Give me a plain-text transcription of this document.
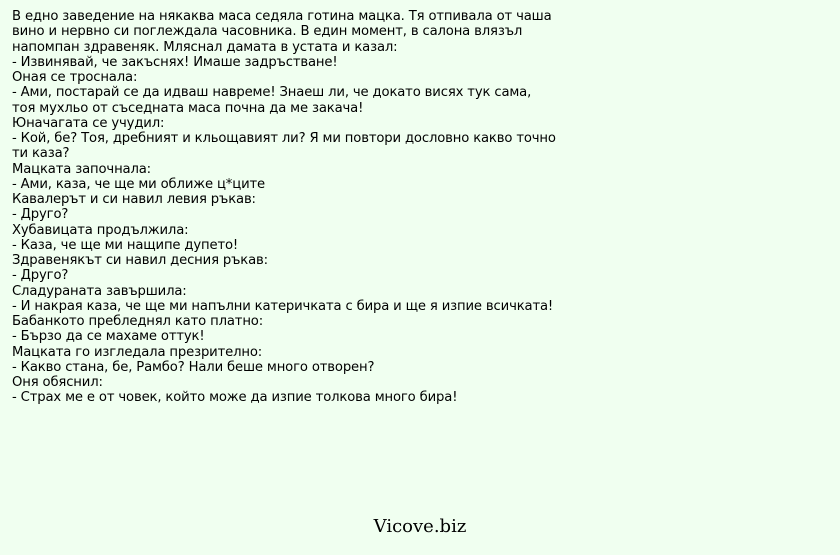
В едно заведение на някаква маса седяла готина мацка. Тя отпивала от чаша
вино и нервно си поглеждала часовника. В един момент, в салона влязъл
напомпан здравеняк. Мляснал дамата в устата и казал:
- Извинявай, че закъснях! Имаше задръстване!
Оная се троснала:
- Ами, постарай се да идваш навреме! Знаеш ли, че докато висях тук сама,
тоя мухльо от съседната маса почна да ме закача!
Юначагата се учудил:
- Кой, бе? Тоя, дребният и кльощавият ли? Я ми повтори дословно какво точно
ти каза?
Мацката започнала:
- Ами, каза, че ще ми оближе ц*ците
Кавалерът и си навил левия ръкав:
- Друго?
Хубавицата продължила:
- Каза, че ще ми нащипе дупето!
Здравенякът си навил десния ръкав:
- Друго?
Сладураната завършила:
- И накрая каза, че ще ми напълни катеричката с бира и ще я изпие всичката!
Бабанкото пребледнял като платно:
- Бързо да се махаме оттук!
Мацката го изгледала презрително:
- Какво стана, бе, Рамбо? Нали беше много отворен?
Оня обяснил:
- Страх ме е от човек, който може да изпие толкова много бира!
Vicove.biz
